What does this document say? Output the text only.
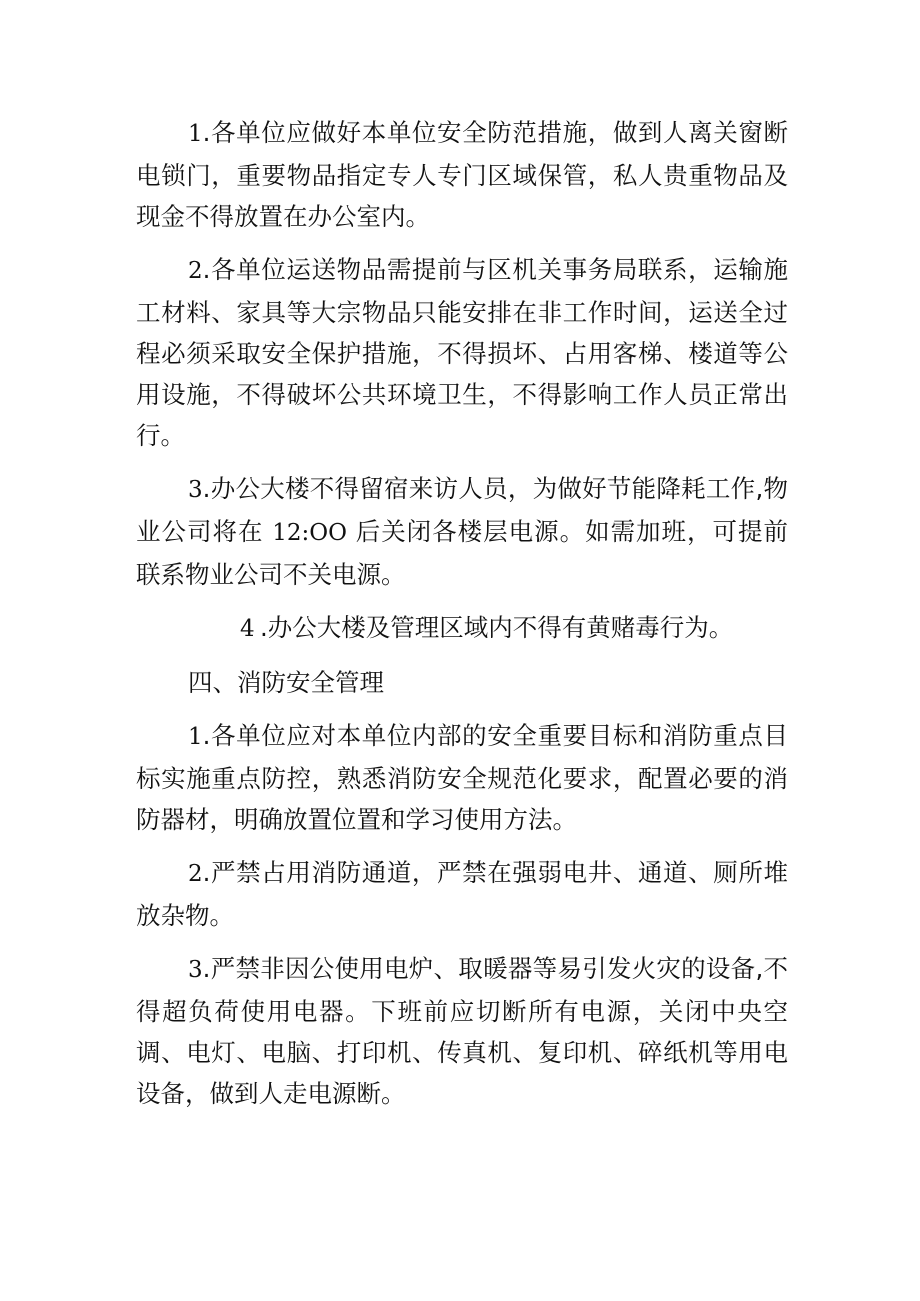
1.各单位应做好本单位安全防范措施，做到人离关窗断电锁门，重要物品指定专人专门区域保管，私人贵重物品及现金不得放置在办公室内。

2.各单位运送物品需提前与区机关事务局联系，运输施工材料、家具等大宗物品只能安排在非工作时间，运送全过程必须采取安全保护措施，不得损坏、占用客梯、楼道等公用设施，不得破坏公共环境卫生，不得影响工作人员正常出行。

3.办公大楼不得留宿来访人员，为做好节能降耗工作,物业公司将在 12:OO 后关闭各楼层电源。如需加班，可提前联系物业公司不关电源。

4 .办公大楼及管理区域内不得有黄赌毒行为。

四、消防安全管理

1.各单位应对本单位内部的安全重要目标和消防重点目标实施重点防控，熟悉消防安全规范化要求，配置必要的消防器材，明确放置位置和学习使用方法。

2.严禁占用消防通道，严禁在强弱电井、通道、厕所堆放杂物。

3.严禁非因公使用电炉、取暖器等易引发火灾的设备,不得超负荷使用电器。下班前应切断所有电源，关闭中央空调、电灯、电脑、打印机、传真机、复印机、碎纸机等用电设备，做到人走电源断。
